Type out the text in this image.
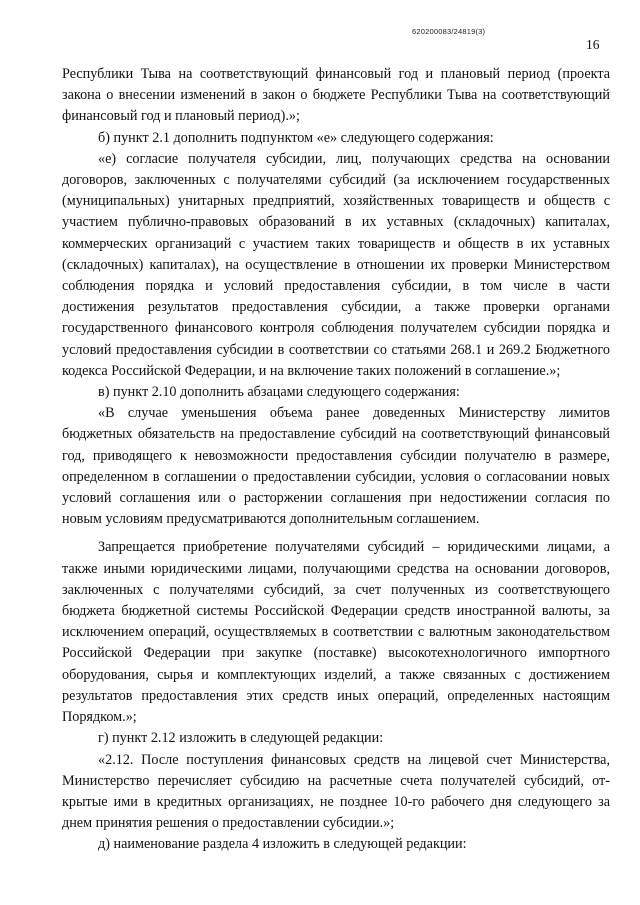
620200083/24819(3)
16

Республики Тыва на соответствующий финансовый год и плановый период (проекта закона о внесении изменений в закон о бюджете Республики Тыва на соответствующий финансовый год и плановый период).»;

б) пункт 2.1 дополнить подпунктом «е» следующего содержания:

«е) согласие получателя субсидии, лиц, получающих средства на основании договоров, заключенных с получателями субсидий (за исключением государственных (муниципальных) унитарных предприятий, хозяйственных товариществ и обществ с участием публично-правовых образований в их уставных (складочных) капиталах, коммерческих организаций с участием таких товариществ и обществ в их уставных (складочных) капиталах), на осуществление в отношении их проверки Министерством соблюдения порядка и условий предоставления субсидии, в том числе в части достижения результатов предоставления субсидии, а также проверки органами государственного финансового контроля соблюдения получателем субсидии порядка и условий предоставления субсидии в соответствии со статьями 268.1 и 269.2 Бюджетного кодекса Российской Федерации, и на включение таких положений в соглашение.»;

в) пункт 2.10 дополнить абзацами следующего содержания:

«В случае уменьшения объема ранее доведенных Министерству лимитов бюджетных обязательств на предоставление субсидий на соответствующий финансовый год, приводящего к невозможности предоставления субсидии получателю в размере, определенном в соглашении о предоставлении субсидии, условия о согласовании новых условий соглашения или о расторжении соглашения при недостижении согласия по новым условиям предусматриваются дополнительным соглашением.

Запрещается приобретение получателями субсидий – юридическими лицами, а также иными юридическими лицами, получающими средства на основании договоров, заключенных с получателями субсидий, за счет полученных из соответствующего бюджета бюджетной системы Российской Федерации средств иностранной валюты, за исключением операций, осуществляемых в соответствии с валютным законодательством Российской Федерации при закупке (поставке) высокотехнологичного импортного оборудования, сырья и комплектующих изделий, а также связанных с достижением результатов предоставления этих средств иных операций, определенных настоящим Порядком.»;

г) пункт 2.12 изложить в следующей редакции:

«2.12. После поступления финансовых средств на лицевой счет Министерства, Министерство перечисляет субсидию на расчетные счета получателей субсидий, открытые ими в кредитных организациях, не позднее 10-го рабочего дня следующего за днем принятия решения о предоставлении субсидии.»;

д) наименование раздела 4 изложить в следующей редакции:
